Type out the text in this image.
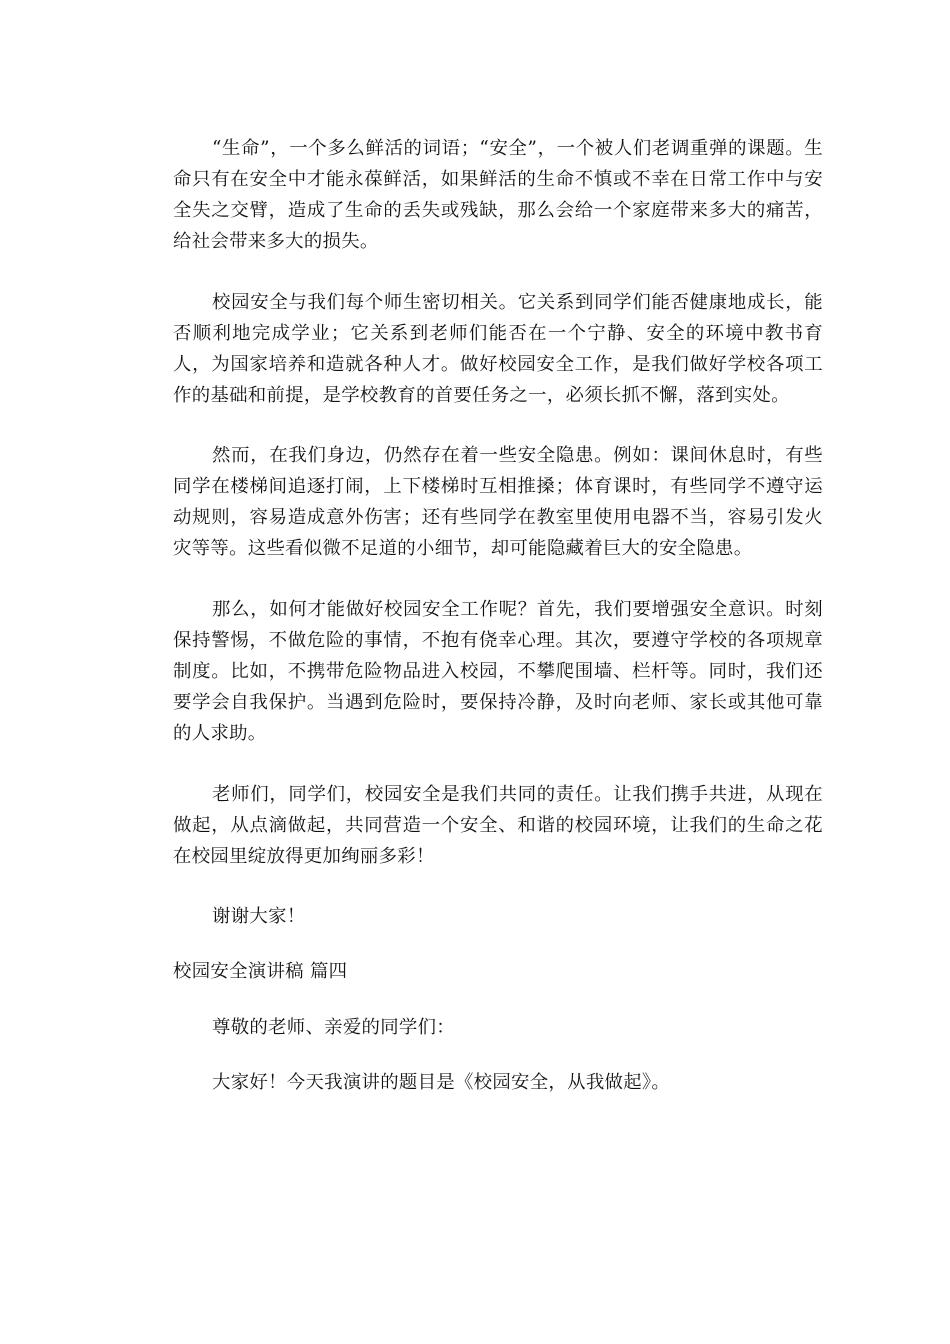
“生命”，一个多么鲜活的词语；“安全”，一个被人们老调重弹的课题。生命只有在安全中才能永葆鲜活，如果鲜活的生命不慎或不幸在日常工作中与安全失之交臂，造成了生命的丢失或残缺，那么会给一个家庭带来多大的痛苦，给社会带来多大的损失。

校园安全与我们每个师生密切相关。它关系到同学们能否健康地成长，能否顺利地完成学业；它关系到老师们能否在一个宁静、安全的环境中教书育人，为国家培养和造就各种人才。做好校园安全工作，是我们做好学校各项工作的基础和前提，是学校教育的首要任务之一，必须长抓不懈，落到实处。

然而，在我们身边，仍然存在着一些安全隐患。例如：课间休息时，有些同学在楼梯间追逐打闹，上下楼梯时互相推搡；体育课时，有些同学不遵守运动规则，容易造成意外伤害；还有些同学在教室里使用电器不当，容易引发火灾等等。这些看似微不足道的小细节，却可能隐藏着巨大的安全隐患。

那么，如何才能做好校园安全工作呢？首先，我们要增强安全意识。时刻保持警惕，不做危险的事情，不抱有侥幸心理。其次，要遵守学校的各项规章制度。比如，不携带危险物品进入校园，不攀爬围墙、栏杆等。同时，我们还要学会自我保护。当遇到危险时，要保持冷静，及时向老师、家长或其他可靠的人求助。

老师们，同学们，校园安全是我们共同的责任。让我们携手共进，从现在做起，从点滴做起，共同营造一个安全、和谐的校园环境，让我们的生命之花在校园里绽放得更加绚丽多彩！

谢谢大家！

校园安全演讲稿 篇四

尊敬的老师、亲爱的同学们：

大家好！今天我演讲的题目是《校园安全，从我做起》。
